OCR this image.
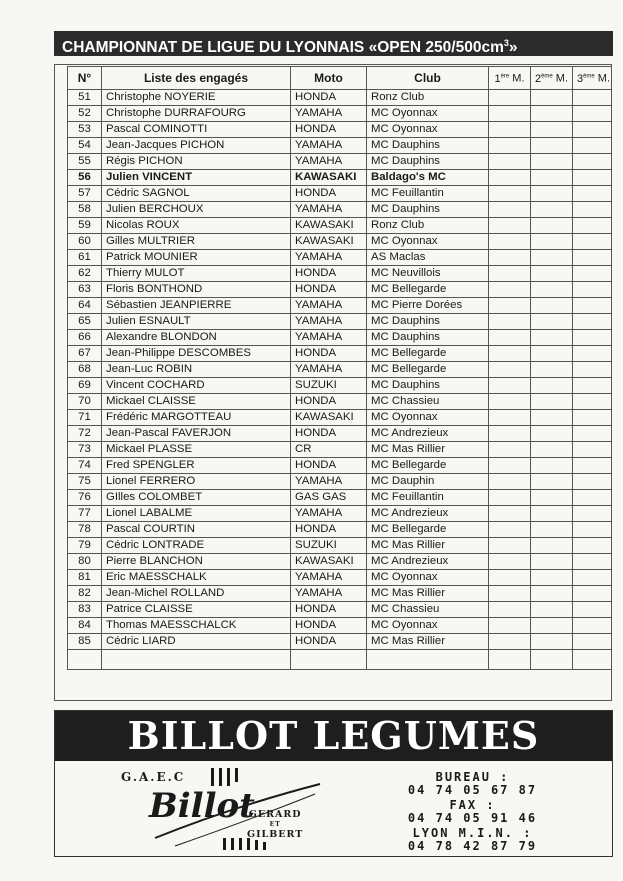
CHAMPIONNAT DE LIGUE DU LYONNAIS «OPEN $250/500cm^3$»
N°	Liste des engagés	Moto	Club	1ère M.	2ème M.	3ème M.
51	Christophe NOYERIE	HONDA	Ronz Club			
52	Christophe DURRAFOURG	YAMAHA	MC Oyonnax			
53	Pascal COMINOTTI	HONDA	MC Oyonnax			
54	Jean-Jacques PICHON	YAMAHA	MC Dauphins			
55	Régis PICHON	YAMAHA	MC Dauphins			
56	Julien VINCENT	KAWASAKI	Baldago's MC			
57	Cédric SAGNOL	HONDA	MC Feuillantin			
58	Julien BERCHOUX	YAMAHA	MC Dauphins			
59	Nicolas ROUX	KAWASAKI	Ronz Club			
60	Gilles MULTRIER	KAWASAKI	MC Oyonnax			
61	Patrick MOUNIER	YAMAHA	AS Maclas			
62	Thierry MULOT	HONDA	MC Neuvillois			
63	Floris BONTHOND	HONDA	MC Bellegarde			
64	Sébastien JEANPIERRE	YAMAHA	MC Pierre Dorées			
65	Julien ESNAULT	YAMAHA	MC Dauphins			
66	Alexandre BLONDON	YAMAHA	MC Dauphins			
67	Jean-Philippe DESCOMBES	HONDA	MC Bellegarde			
68	Jean-Luc ROBIN	YAMAHA	MC Bellegarde			
69	Vincent COCHARD	SUZUKI	MC Dauphins			
70	Mickael CLAISSE	HONDA	MC Chassieu			
71	Frédéric MARGOTTEAU	KAWASAKI	MC Oyonnax			
72	Jean-Pascal FAVERJON	HONDA	MC Andrezieux			
73	Mickael PLASSE	CR	MC Mas Rillier			
74	Fred SPENGLER	HONDA	MC Bellegarde			
75	Lionel FERRERO	YAMAHA	MC Dauphin			
76	GIlles COLOMBET	GAS GAS	MC Feuillantin			
77	Lionel LABALME	YAMAHA	MC Andrezieux			
78	Pascal COURTIN	HONDA	MC Bellegarde			
79	Cédric LONTRADE	SUZUKI	MC Mas Rillier			
80	Pierre BLANCHON	KAWASAKI	MC Andrezieux			
81	Eric MAESSCHALK	YAMAHA	MC Oyonnax			
82	Jean-Michel ROLLAND	YAMAHA	MC Mas Rillier			
83	Patrice CLAISSE	HONDA	MC Chassieu			
84	Thomas MAESSCHALCK	HONDA	MC Oyonnax			
85	Cédric LIARD	HONDA	MC Mas Rillier			

BILLOT LEGUMES
G.A.E.C
Billot
GERARD
ET
GILBERT
BUREAU :
04 74 05 67 87
FAX :
04 74 05 91 46
LYON M.I.N. :
04 78 42 87 79
